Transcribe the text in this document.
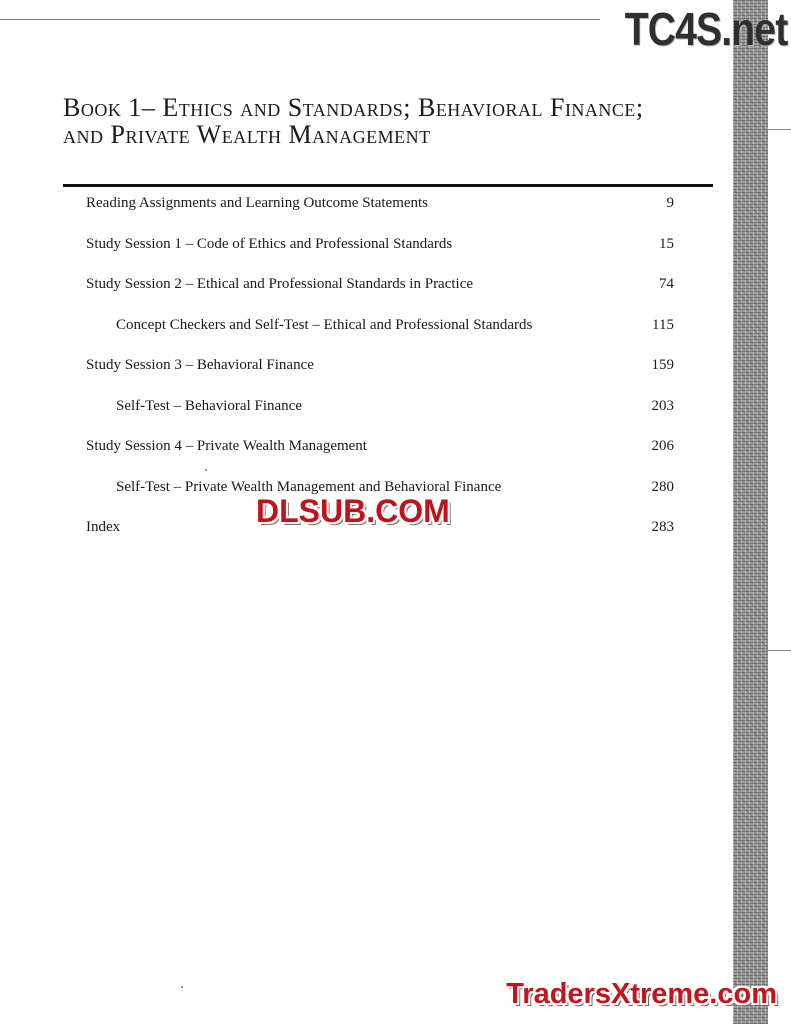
TC4S.net
Book 1– Ethics and Standards; Behavioral Finance;
and Private Wealth Management
Reading Assignments and Learning Outcome Statements	9
Study Session 1 – Code of Ethics and Professional Standards	15
Study Session 2 – Ethical and Professional Standards in Practice	74
Concept Checkers and Self-Test – Ethical and Professional Standards	115
Study Session 3 – Behavioral Finance	159
Self-Test – Behavioral Finance	203
Study Session 4 – Private Wealth Management	206
Self-Test – Private Wealth Management and Behavioral Finance	280
Index	283
DLSUB.COM
TradersXtreme.com
